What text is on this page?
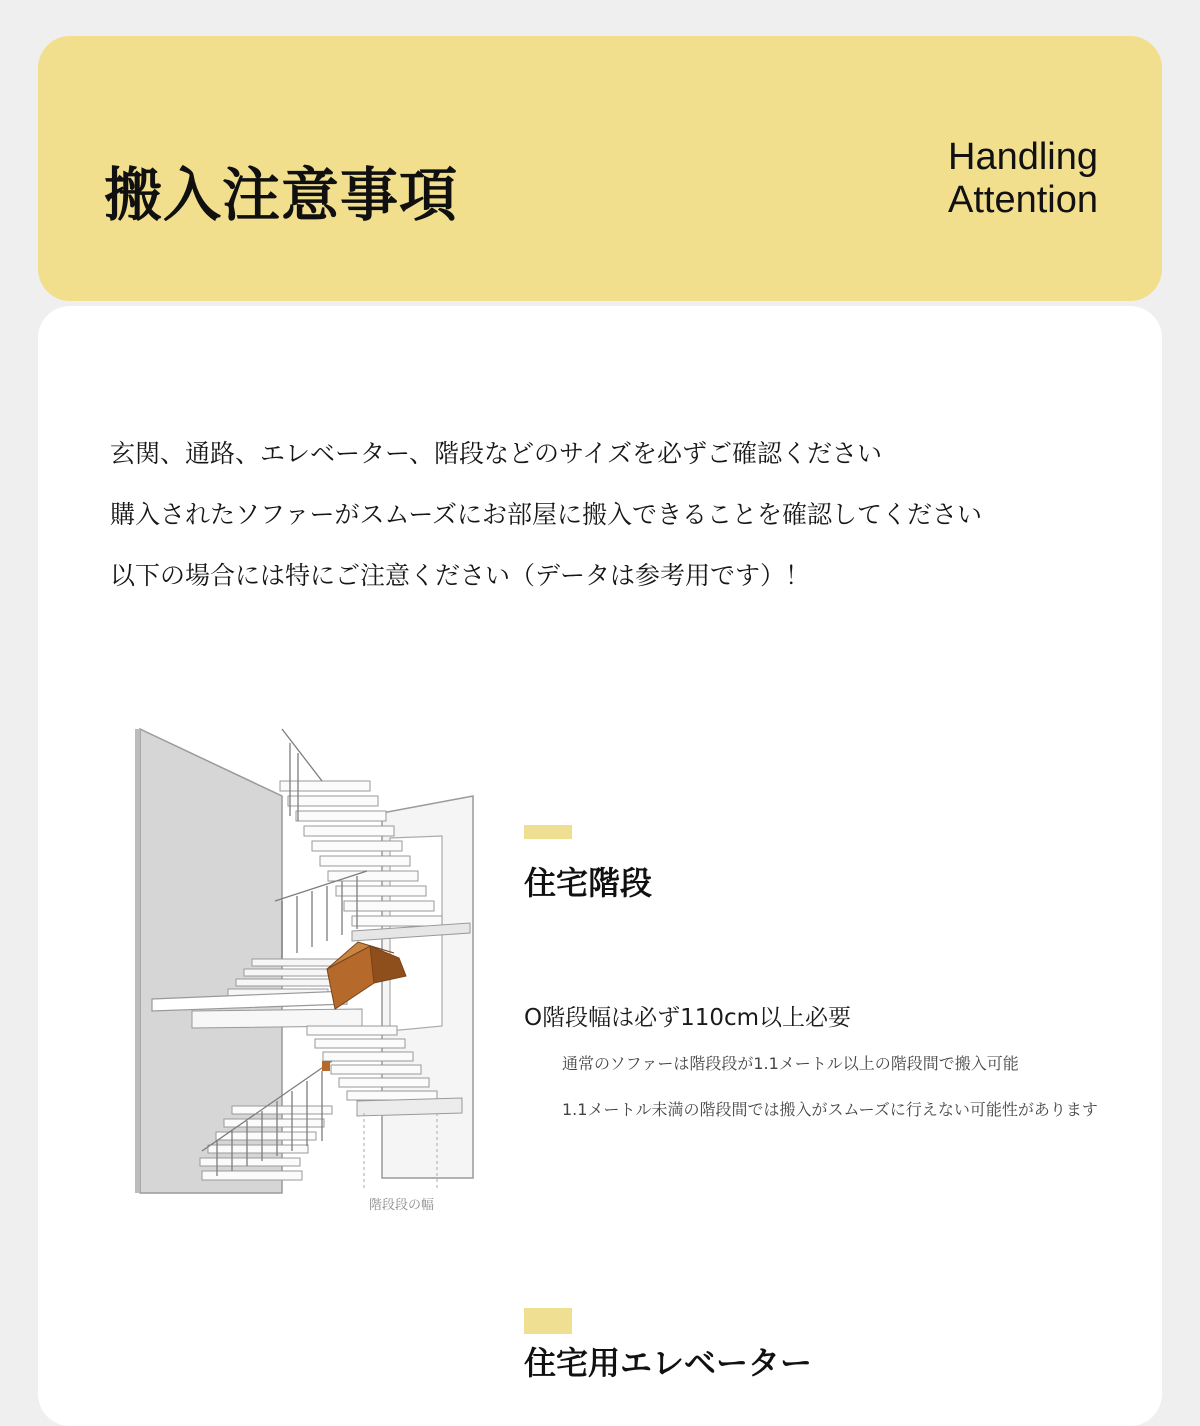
搬入注意事項
Handling
Attention
玄関、通路、エレベーター、階段などのサイズを必ずご確認ください
購入されたソファーがスムーズにお部屋に搬入できることを確認してください
以下の場合には特にご注意ください（データは参考用です）！
階段段の幅
住宅階段
O階段幅は必ず110cm以上必要
通常のソファーは階段段が1.1メートル以上の階段間で搬入可能
1.1メートル未満の階段間では搬入がスムーズに行えない可能性があります
住宅用エレベーター
